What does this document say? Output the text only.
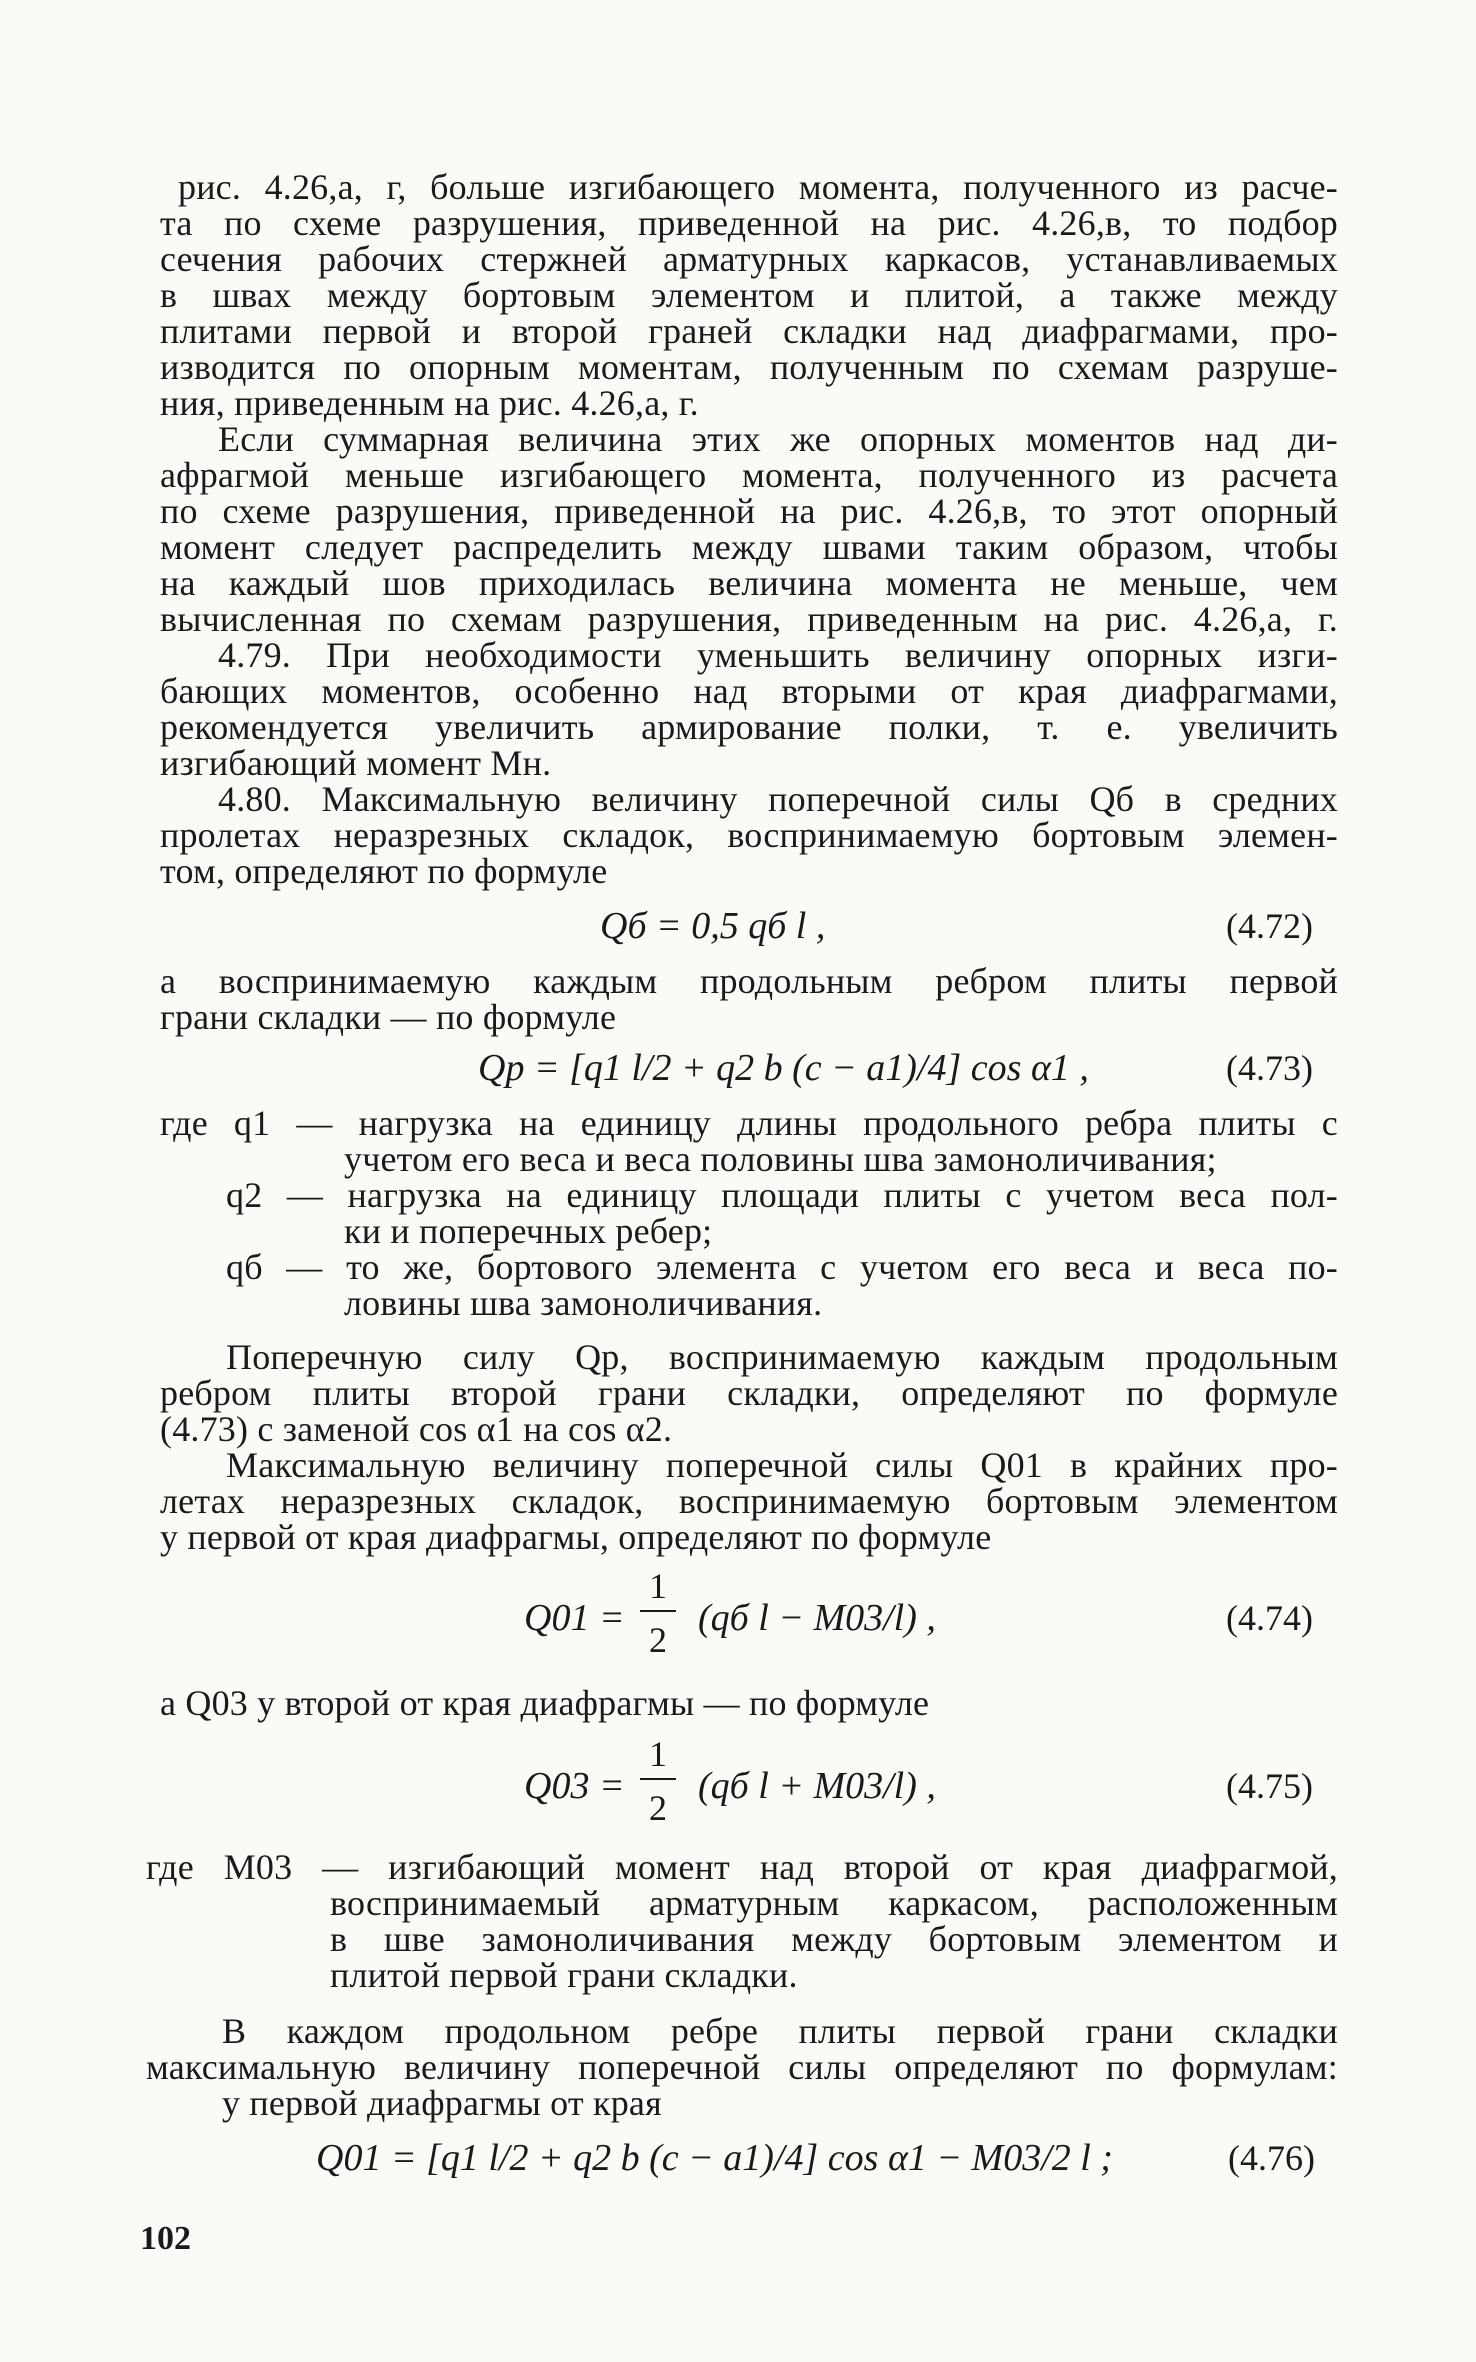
рис. 4.26,а, г, больше изгибающего момента, полученного из расче-
та по схеме разрушения, приведенной на рис. 4.26,в, то подбор
сечения рабочих стержней арматурных каркасов, устанавливаемых
в швах между бортовым элементом и плитой, а также между
плитами первой и второй граней складки над диафрагмами, про-
изводится по опорным моментам, полученным по схемам разруше-
ния, приведенным на рис. 4.26,а, г.
Если суммарная величина этих же опорных моментов над ди-
афрагмой меньше изгибающего момента, полученного из расчета
по схеме разрушения, приведенной на рис. 4.26,в, то этот опорный
момент следует распределить между швами таким образом, чтобы
на каждый шов приходилась величина момента не меньше, чем
вычисленная по схемам разрушения, приведенным на рис. 4.26,а, г.
4.79. При необходимости уменьшить величину опорных изги-
бающих моментов, особенно над вторыми от края диафрагмами,
рекомендуется увеличить армирование полки, т. е. увеличить
изгибающий момент Мн.
4.80. Максимальную величину поперечной силы Qб в средних
пролетах неразрезных складок, воспринимаемую бортовым элемен-
том, определяют по формуле
Qб = 0,5 qб l ,	(4.72)
а воспринимаемую каждым продольным ребром плиты первой
грани складки — по формуле
Qр = [q1 l/2 + q2 b (c − a1)/4] cos α1 ,	(4.73)
где q1 — нагрузка на единицу длины продольного ребра плиты с
учетом его веса и веса половины шва замоноличивания;
q2 — нагрузка на единицу площади плиты с учетом веса пол-
ки и поперечных ребер;
qб — то же, бортового элемента с учетом его веса и веса по-
ловины шва замоноличивания.
Поперечную силу Qр, воспринимаемую каждым продольным
ребром плиты второй грани складки, определяют по формуле
(4.73) с заменой cos α1 на cos α2.
Максимальную величину поперечной силы Q01 в крайних про-
летах неразрезных складок, воспринимаемую бортовым элементом
у первой от края диафрагмы, определяют по формуле
Q01 =
1
2
(qб l − M03/l) ,	(4.74)
а Q03 у второй от края диафрагмы — по формуле
Q03 =
1
2
(qб l + M03/l) ,	(4.75)
где M03 — изгибающий момент над второй от края диафрагмой,
воспринимаемый арматурным каркасом, расположенным
в шве замоноличивания между бортовым элементом и
плитой первой грани складки.
В каждом продольном ребре плиты первой грани складки
максимальную величину поперечной силы определяют по формулам:
у первой диафрагмы от края
Q01 = [q1 l/2 + q2 b (c − a1)/4] cos α1 − M03/2 l ;	(4.76)
102
